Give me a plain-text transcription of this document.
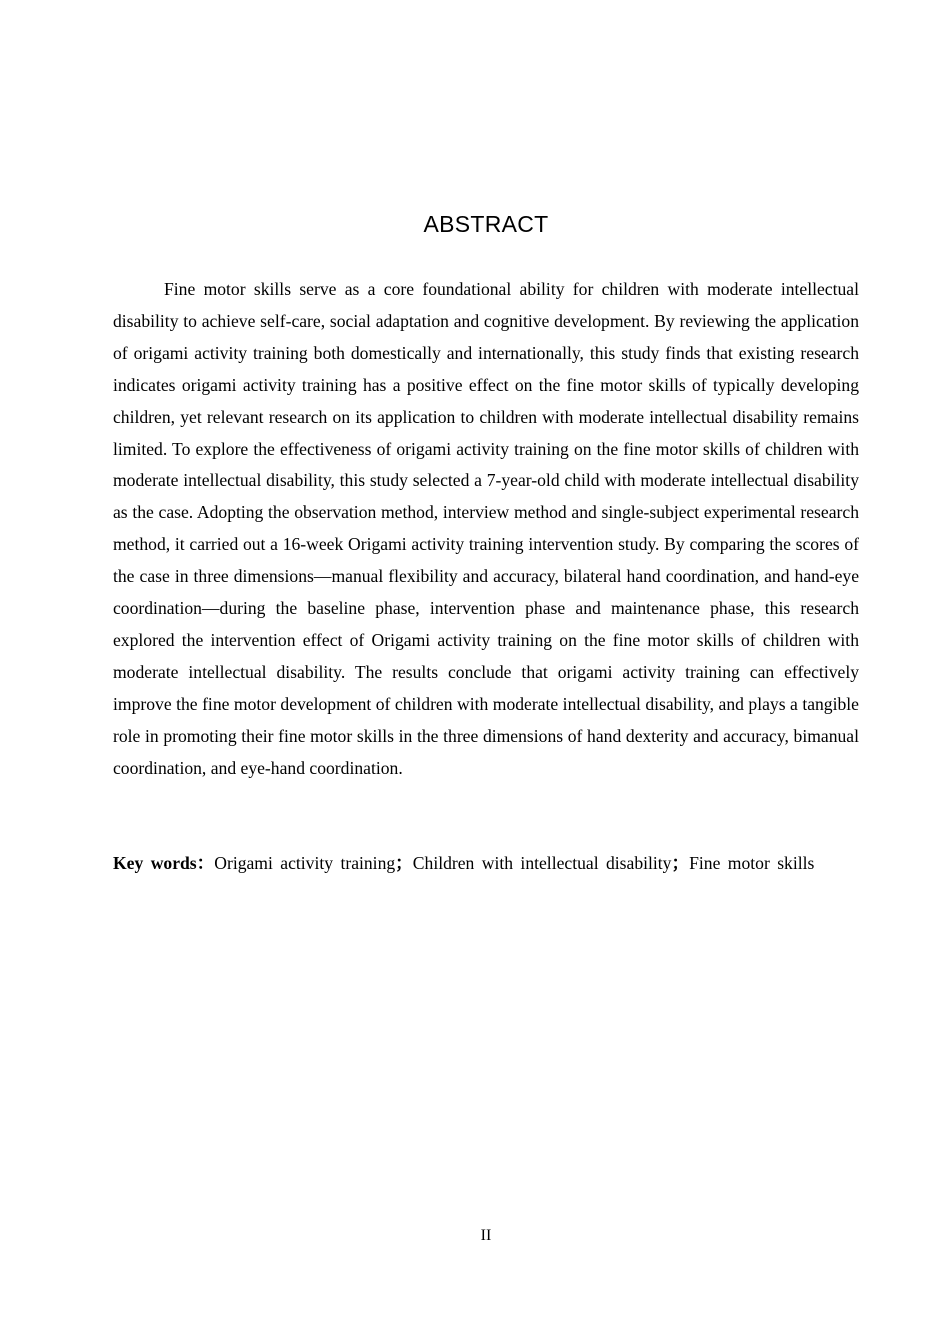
ABSTRACT

Fine motor skills serve as a core foundational ability for children with moderate intellectual disability to achieve self-care, social adaptation and cognitive development. By reviewing the application of origami activity training both domestically and internationally, this study finds that existing research indicates origami activity training has a positive effect on the fine motor skills of typically developing children, yet relevant research on its application to children with moderate intellectual disability remains limited. To explore the effectiveness of origami activity training on the fine motor skills of children with moderate intellectual disability, this study selected a 7-year-old child with moderate intellectual disability as the case. Adopting the observation method, interview method and single-subject experimental research method, it carried out a 16-week Origami activity training intervention study. By comparing the scores of the case in three dimensions—manual flexibility and accuracy, bilateral hand coordination, and hand-eye coordination—during the baseline phase, intervention phase and maintenance phase, this research explored the intervention effect of Origami activity training on the fine motor skills of children with moderate intellectual disability. The results conclude that origami activity training can effectively improve the fine motor development of children with moderate intellectual disability, and plays a tangible role in promoting their fine motor skills in the three dimensions of hand dexterity and accuracy, bimanual coordination, and eye-hand coordination.

Key words：Origami activity training；Children with intellectual disability；Fine motor skills

II
